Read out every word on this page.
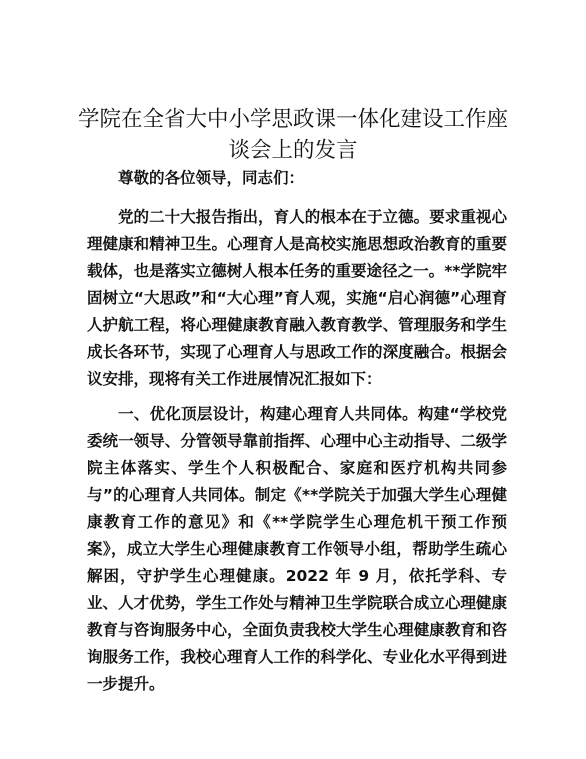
学院在全省大中小学思政课一体化建设工作座
谈会上的发言

尊敬的各位领导，同志们：

党的二十大报告指出，育人的根本在于立德。要求重视心理健康和精神卫生。心理育人是高校实施思想政治教育的重要载体，也是落实立德树人根本任务的重要途径之一。**学院牢固树立“大思政”和“大心理”育人观，实施“启心润德”心理育人护航工程，将心理健康教育融入教育教学、管理服务和学生成长各环节，实现了心理育人与思政工作的深度融合。根据会议安排，现将有关工作进展情况汇报如下：

一、优化顶层设计，构建心理育人共同体。构建“学校党委统一领导、分管领导靠前指挥、心理中心主动指导、二级学院主体落实、学生个人积极配合、家庭和医疗机构共同参与”的心理育人共同体。制定《**学院关于加强大学生心理健康教育工作的意见》和《**学院学生心理危机干预工作预案》，成立大学生心理健康教育工作领导小组，帮助学生疏心解困，守护学生心理健康。2022 年 9 月，依托学科、专业、人才优势，学生工作处与精神卫生学院联合成立心理健康教育与咨询服务中心，全面负责我校大学生心理健康教育和咨询服务工作，我校心理育人工作的科学化、专业化水平得到进一步提升。
